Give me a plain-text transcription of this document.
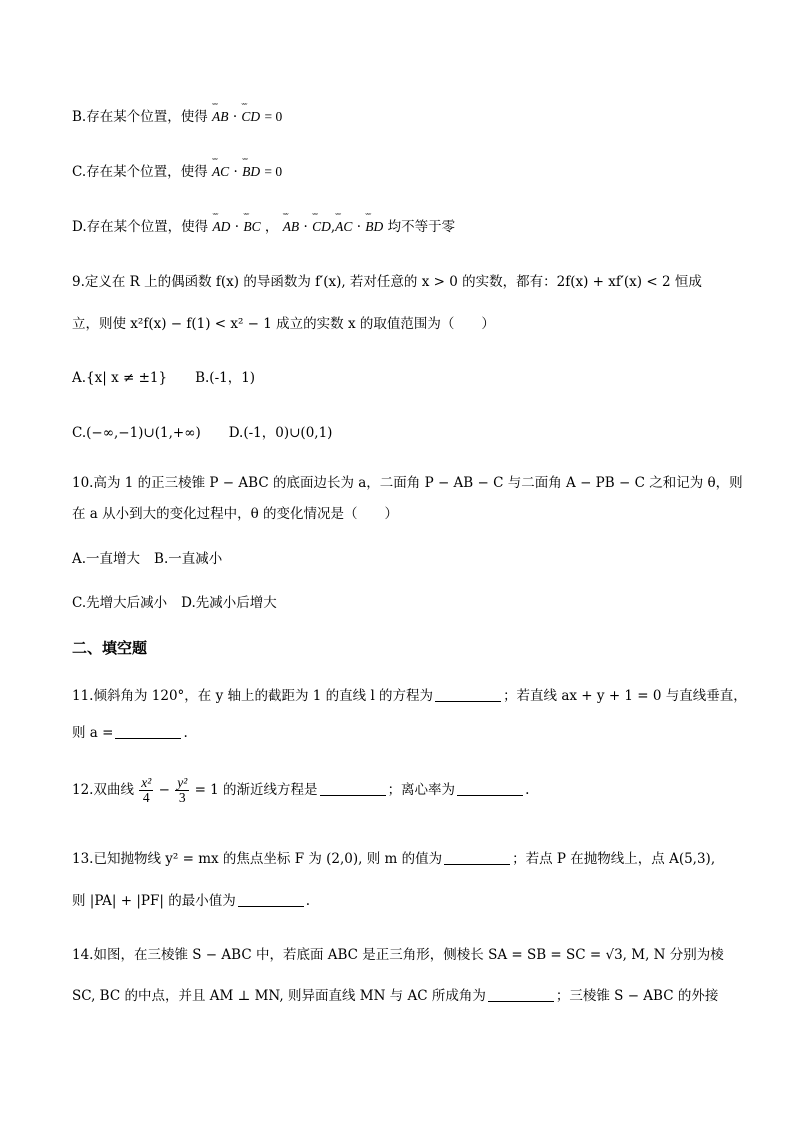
B.存在某个位置，使得 ˇˇˇ AB · ˇˇˇ CD = 0
C.存在某个位置，使得 ˇˇˇ AC · ˇˇˇ BD = 0
D.存在某个位置，使得 ˇˇˇ AD · ˇˇˇ BC ， ˇˇˇ AB · ˇˇˇ CD,ˇˇˇ AC · ˇˇˇ BD 均不等于零
9.定义在 R 上的偶函数 f(x) 的导函数为 f′(x), 若对任意的 x > 0 的实数，都有：2f(x) + xf′(x) < 2 恒成
立，则使 x²f(x) − f(1) < x² − 1 成立的实数 x 的取值范围为（　　）
A.{x| x ≠ ±1} B.(-1，1)
C.(−∞,−1)∪(1,+∞) D.(-1，0)∪(0,1)
10.高为 1 的正三棱锥 P − ABC 的底面边长为 a，二面角 P − AB − C 与二面角 A − PB − C 之和记为 θ，则
在 a 从小到大的变化过程中，θ 的变化情况是（　　）
A.一直增大 B.一直减小
C.先增大后减小 D.先减小后增大
二、填空题
11.倾斜角为 120°，在 y 轴上的截距为 1 的直线 l 的方程为	；若直线 ax + y + 1 = 0 与直线垂直，
则 a =	.
12.双曲线 $\frac{\text{x²}}{4} - \frac{\text{y²}}{3} = 1$ 的渐近线方程是	；离心率为	.
13.已知抛物线 y² = mx 的焦点坐标 F 为 (2,0), 则 m 的值为	；若点 P 在抛物线上，点 A(5,3),
则 |PA| + |PF| 的最小值为	.
14.如图，在三棱锥 S − ABC 中，若底面 ABC 是正三角形，侧棱长 SA = SB = SC = √3, M, N 分别为棱
SC, BC 的中点，并且 AM ⊥ MN, 则异面直线 MN 与 AC 所成角为	；三棱锥 S − ABC 的外接
